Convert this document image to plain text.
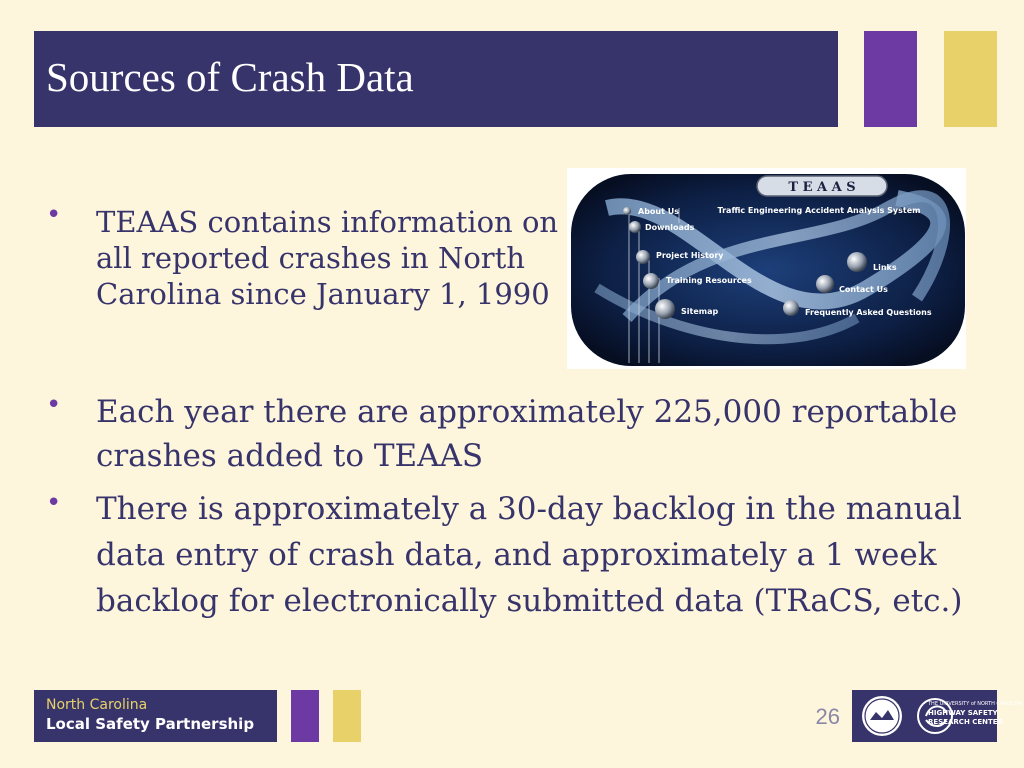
Sources of Crash Data
T E A A S
Traffic Engineering Accident Analysis System
About Us
Downloads
Project History
Training Resources
Sitemap
Links
Contact Us
Frequently Asked Questions
• TEAAS contains information on all reported crashes in North Carolina since January 1, 1990
• Each year there are approximately 225,000 reportable crashes added to TEAAS
• There is approximately a 30-day backlog in the manual data entry of crash data, and approximately a 1 week backlog for electronically submitted data (TRaCS, etc.)
North Carolina
Local Safety Partnership	26	THE UNIVERSITY of NORTH CAROLINA
HIGHWAY SAFETY
RESEARCH CENTER
